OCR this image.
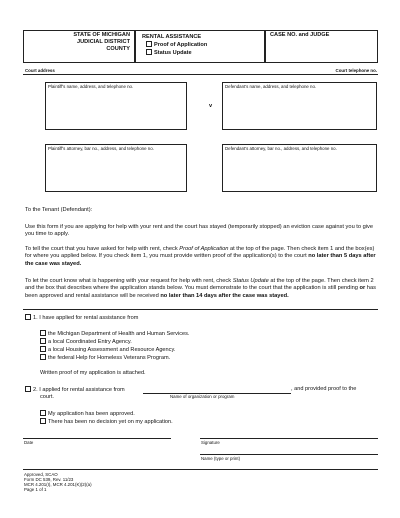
STATE OF MICHIGAN
JUDICIAL DISTRICT
COUNTY
RENTAL ASSISTANCE
Proof of Application
Status Update
CASE NO. and JUDGE
Court address	Court telephone no.
Plaintiff's name, address, and telephone no.
v
Defendant's name, address, and telephone no.
Plaintiff's attorney, bar no., address, and telephone no.	Defendant's attorney, bar no., address, and telephone no.
To the Tenant (Defendant):
Use this form if you are applying for help with your rent and the court has stayed (temporarily stopped) an eviction case against you to give you time to apply.
To tell the court that you have asked for help with rent, check Proof of Application at the top of the page. Then check item 1 and the box(es) for where you applied below. If you check item 1, you must provide written proof of the application(s) to the court no later than 5 days after the case was stayed.
To let the court know what is happening with your request for help with rent, check Status Update at the top of the page. Then check item 2 and the box that describes where the application stands below. You must demonstrate to the court that the application is still pending or has been approved and rental assistance will be received no later than 14 days after the case was stayed.
1. I have applied for rental assistance from
the Michigan Department of Health and Human Services.
a local Coordinated Entry Agency.
a local Housing Assessment and Resource Agency.
the federal Help for Homeless Veterans Program.
Written proof of my application is attached.
2. I applied for rental assistance from
Name of organization or program
, and provided proof to the
court.
My application has been approved.
There has been no decision yet on my application.
Date	Signature
Name (type or print)
Approved, SCAO
Form DC 539, Rev. 11/23
MCR 4.201(I), MCR 4.201(K)(2)(a)
Page 1 of 1
